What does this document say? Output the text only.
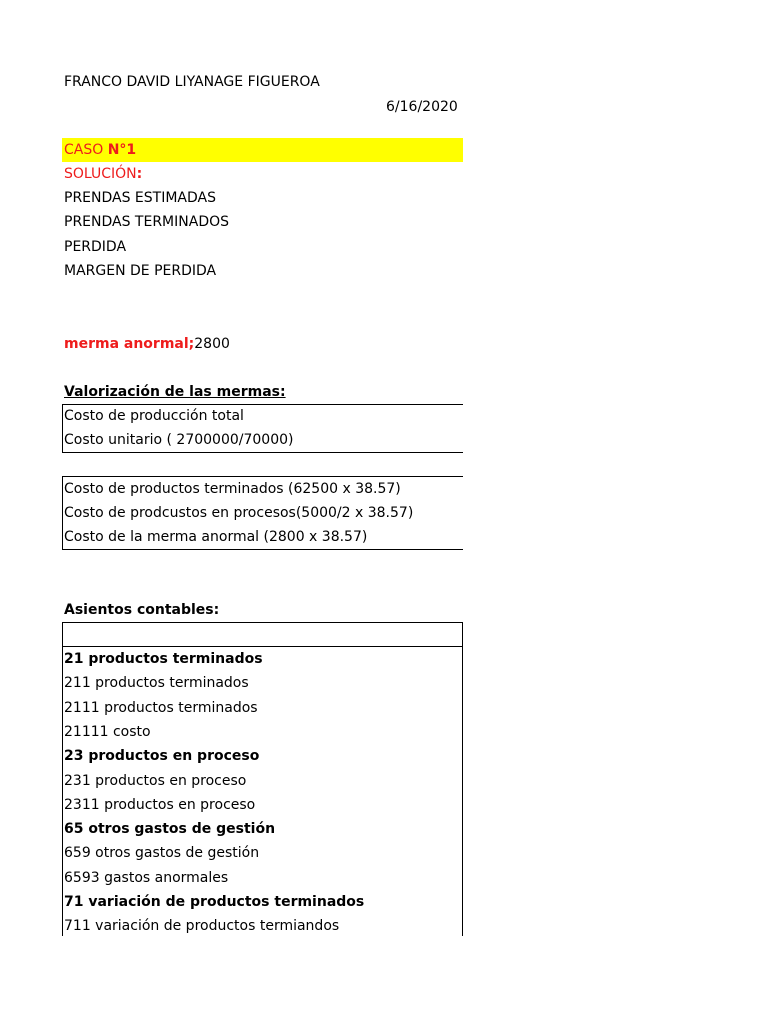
FRANCO DAVID LIYANAGE FIGUEROA
6/16/2020
CASO N°1
SOLUCIÓN:
PRENDAS ESTIMADAS
PRENDAS TERMINADOS
PERDIDA
MARGEN DE PERDIDA
merma anormal;2800
Valorización de las mermas:
Costo de producción total
Costo unitario ( 2700000/70000)
Costo de productos terminados (62500 x 38.57)
Costo de prodcustos en procesos(5000/2 x 38.57)
Costo de la merma anormal (2800 x 38.57)
Asientos contables:
21 productos terminados
211 productos terminados
2111 productos terminados
21111 costo
23 productos en proceso
231 productos en proceso
2311 productos en proceso
65 otros gastos de gestión
659 otros gastos de gestión
6593 gastos anormales
71 variación de productos terminados
711 variación de productos termiandos
